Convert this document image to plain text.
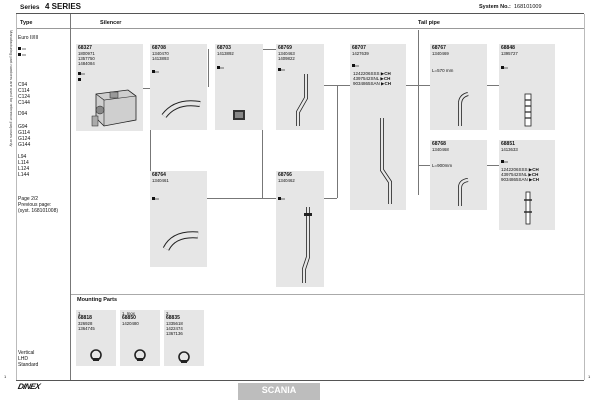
Series 4 SERIES	System No.: 168101009
Type	Silencer	Tail pipe
Manufacturing part numbers are used for reference purposes only Euro II/III
C94
C114
C124
C144
D94
G94
G114
G124
G144
L94
L114
L124
L144
Page 2/2
Previous page:
(syst. 168101008)
Vertical
LHD
Standard
68327
1800971
1357750
1484084
68708
1340470
1413893
68703
1413892
68769
1340463
1409822
68707
1427639
1242206SSS ▶CH
4397542SNL ▶CH
9034865SAN ▶CH
68767
1340469
L=570 mm
68848
1395727
68764
1340461
68766
1340462
68768
1340468
L=900mm
68851
1413633
1242206SSS ▶CH
4397542SNL ▶CH
9034865SAN ▶CH
Mounting Parts
1.
68818
326928
1364745
1. Inox
68850
1420480
2.
68835
1335618
1422474
1367136
1	1
DINEX	SCANIA
